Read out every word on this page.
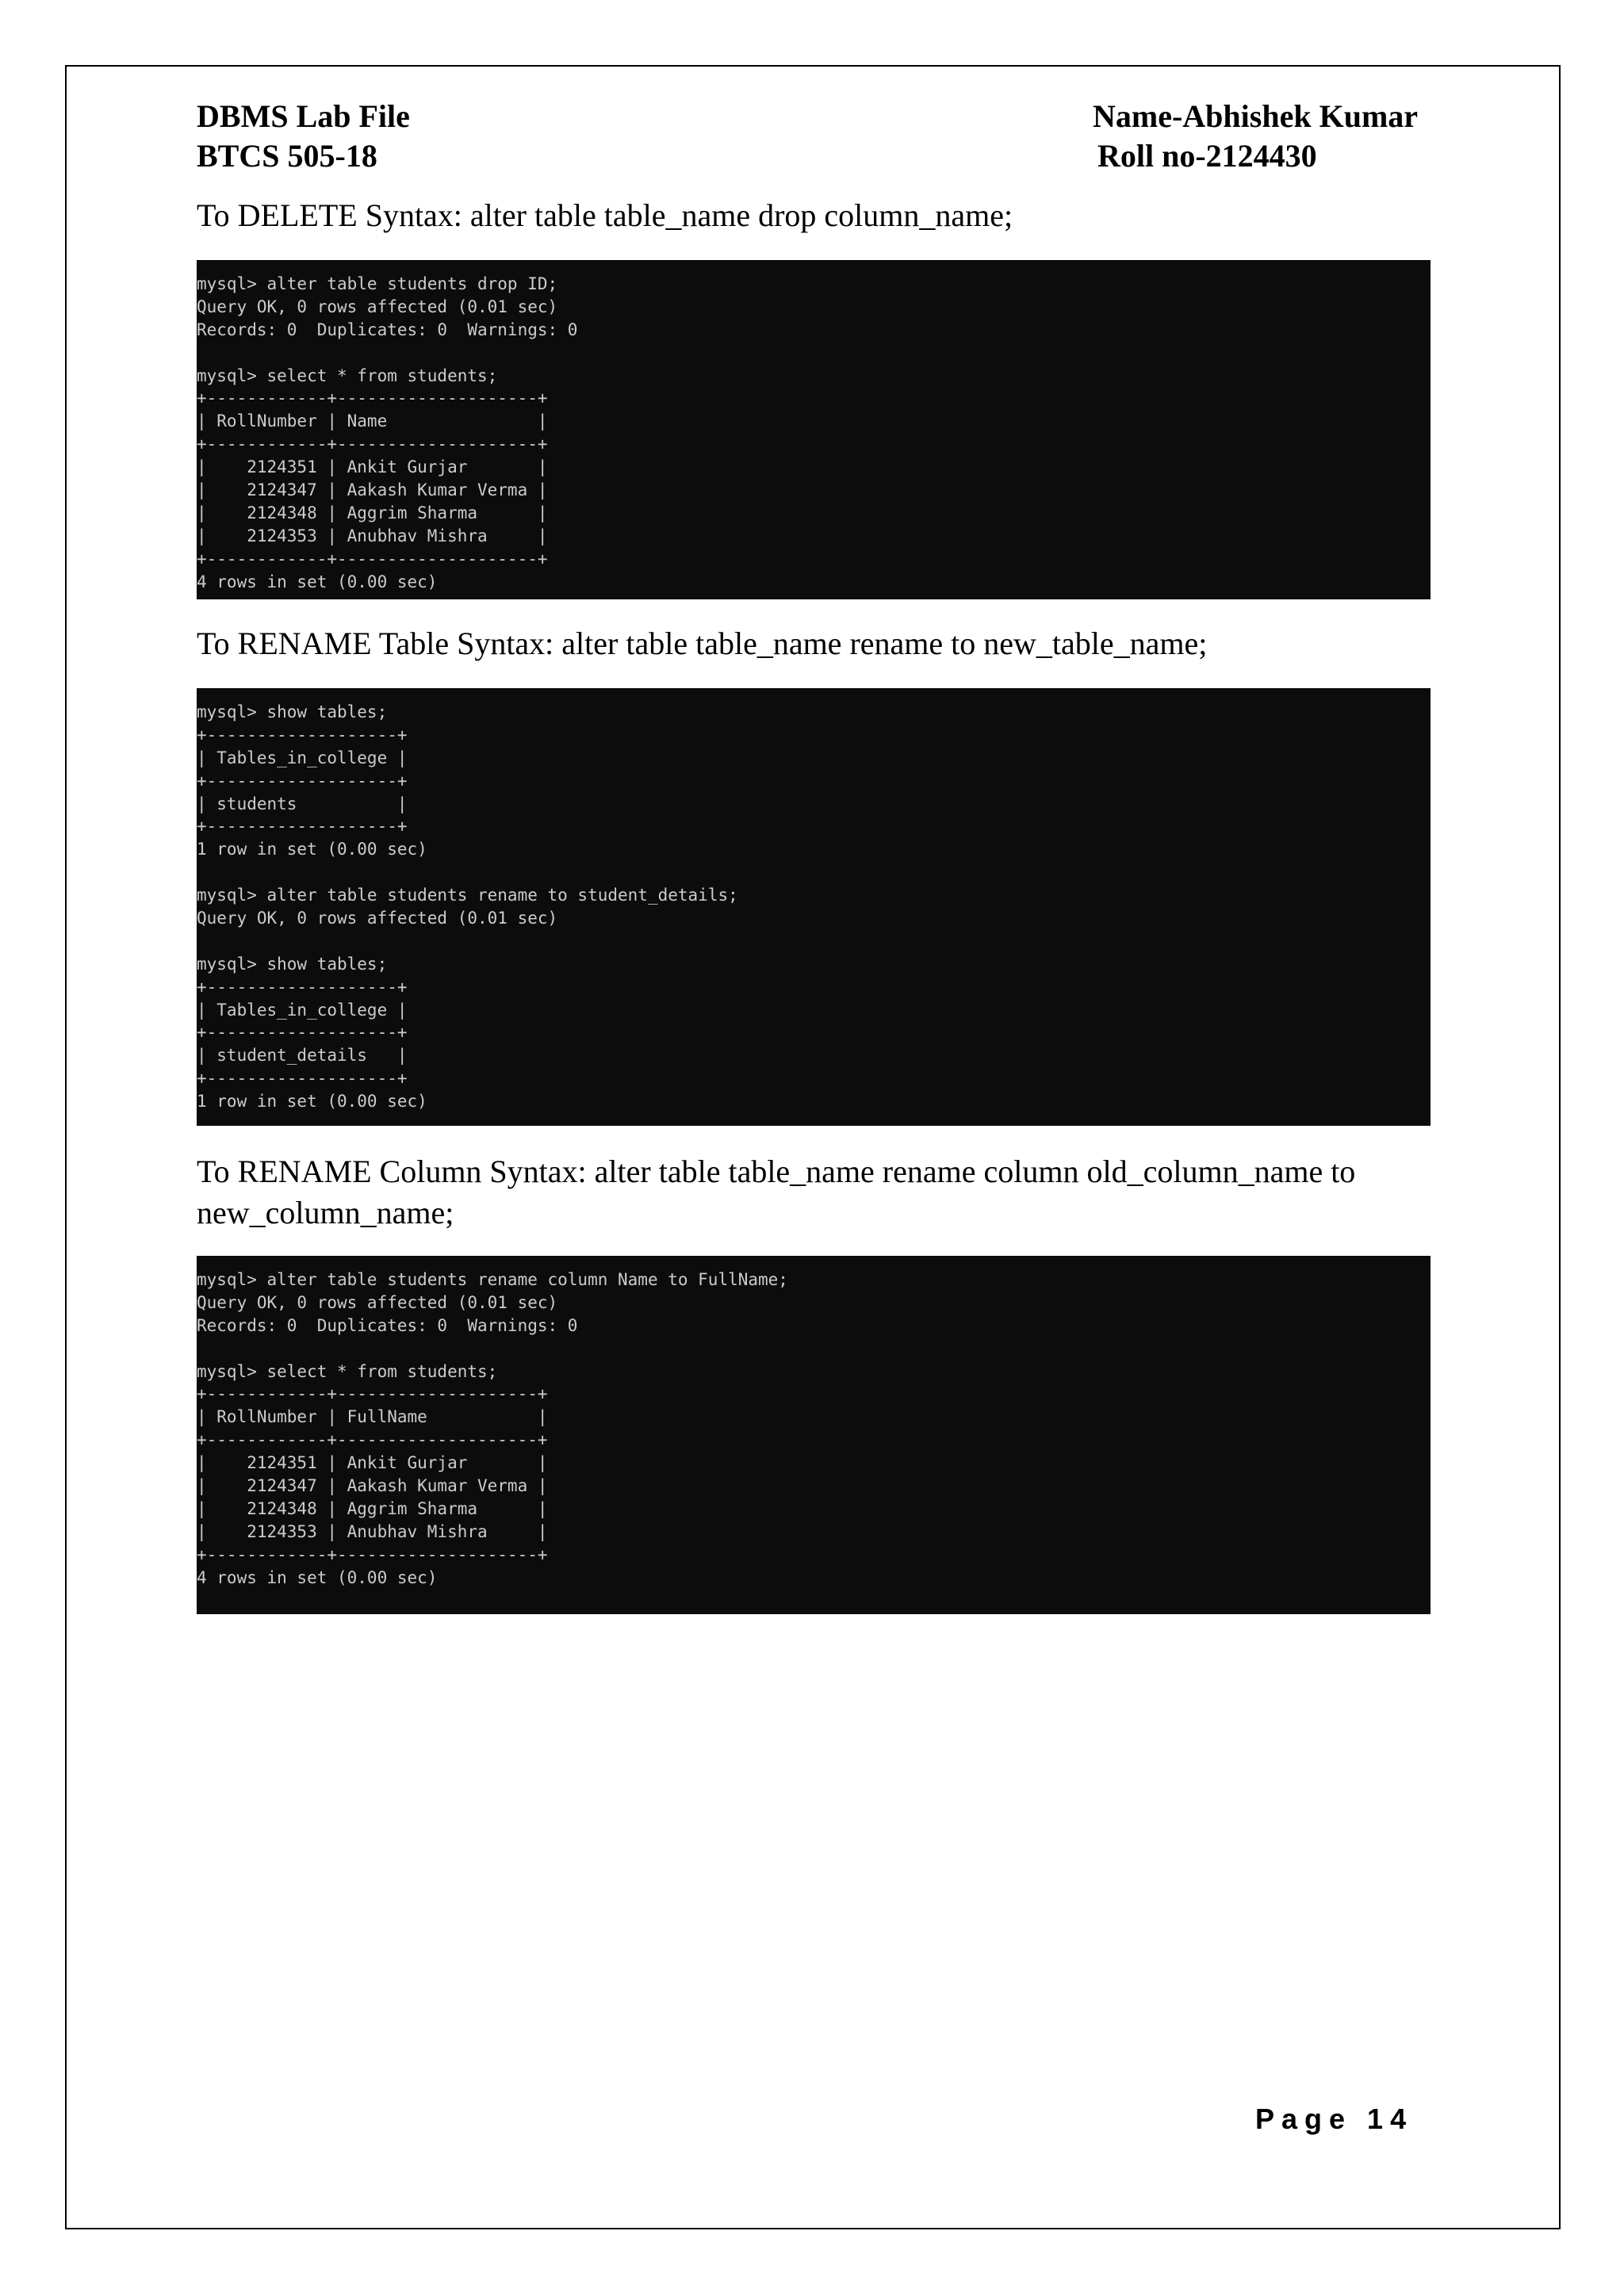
DBMS Lab File
BTCS 505-18
Name-Abhishek Kumar
Roll no-2124430
To DELETE Syntax: alter table table_name drop column_name;
mysql> alter table students drop ID;
Query OK, 0 rows affected (0.01 sec)
Records: 0  Duplicates: 0  Warnings: 0
mysql> select * from students;
+------------+--------------------+
| RollNumber | Name               |
+------------+--------------------+
|    2124351 | Ankit Gurjar       |
|    2124347 | Aakash Kumar Verma |
|    2124348 | Aggrim Sharma      |
|    2124353 | Anubhav Mishra     |
+------------+--------------------+
4 rows in set (0.00 sec)
To RENAME Table Syntax: alter table table_name rename to new_table_name;
mysql> show tables;
+-------------------+
| Tables_in_college |
+-------------------+
| students          |
+-------------------+
1 row in set (0.00 sec)
mysql> alter table students rename to student_details;
Query OK, 0 rows affected (0.01 sec)
mysql> show tables;
+-------------------+
| Tables_in_college |
+-------------------+
| student_details   |
+-------------------+
1 row in set (0.00 sec)
To RENAME Column Syntax: alter table table_name rename column old_column_name to new_column_name;
mysql> alter table students rename column Name to FullName;
Query OK, 0 rows affected (0.01 sec)
Records: 0  Duplicates: 0  Warnings: 0
mysql> select * from students;
+------------+--------------------+
| RollNumber | FullName           |
+------------+--------------------+
|    2124351 | Ankit Gurjar       |
|    2124347 | Aakash Kumar Verma |
|    2124348 | Aggrim Sharma      |
|    2124353 | Anubhav Mishra     |
+------------+--------------------+
4 rows in set (0.00 sec)
Page 14
